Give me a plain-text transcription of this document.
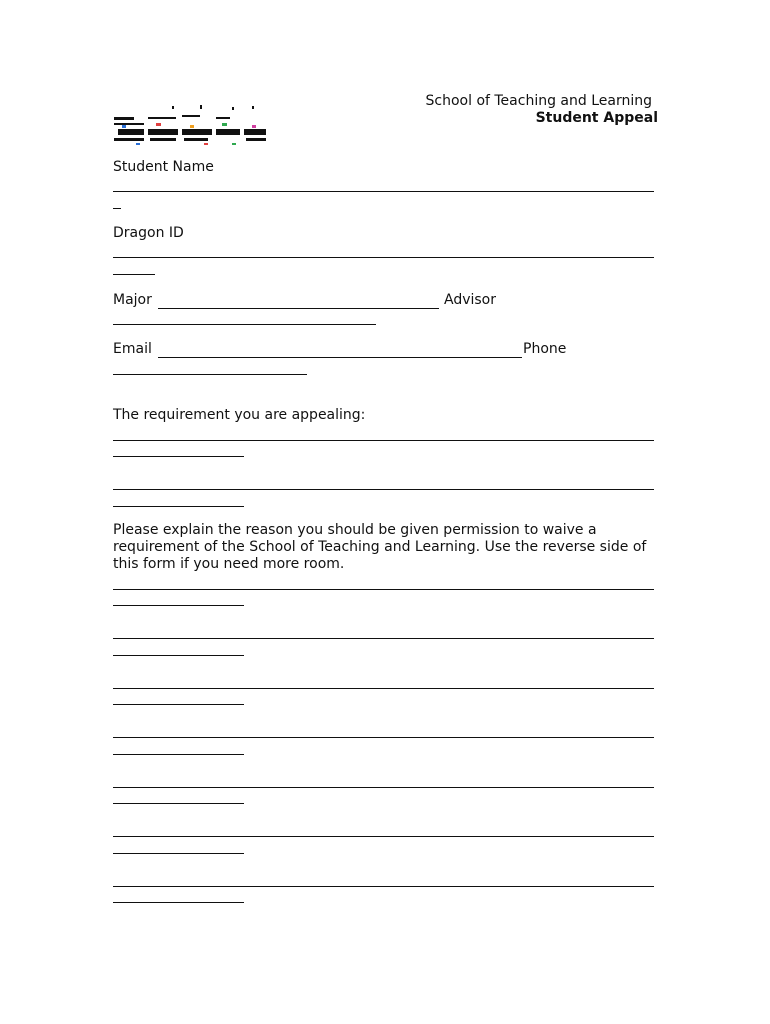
School of Teaching and Learning
Student Appeal
Student Name
Dragon ID
Major	Advisor
Email	Phone
The requirement you are appealing:
Please explain the reason you should be given permission to waive a requirement of the School of Teaching and Learning. Use the reverse side of this form if you need more room.
